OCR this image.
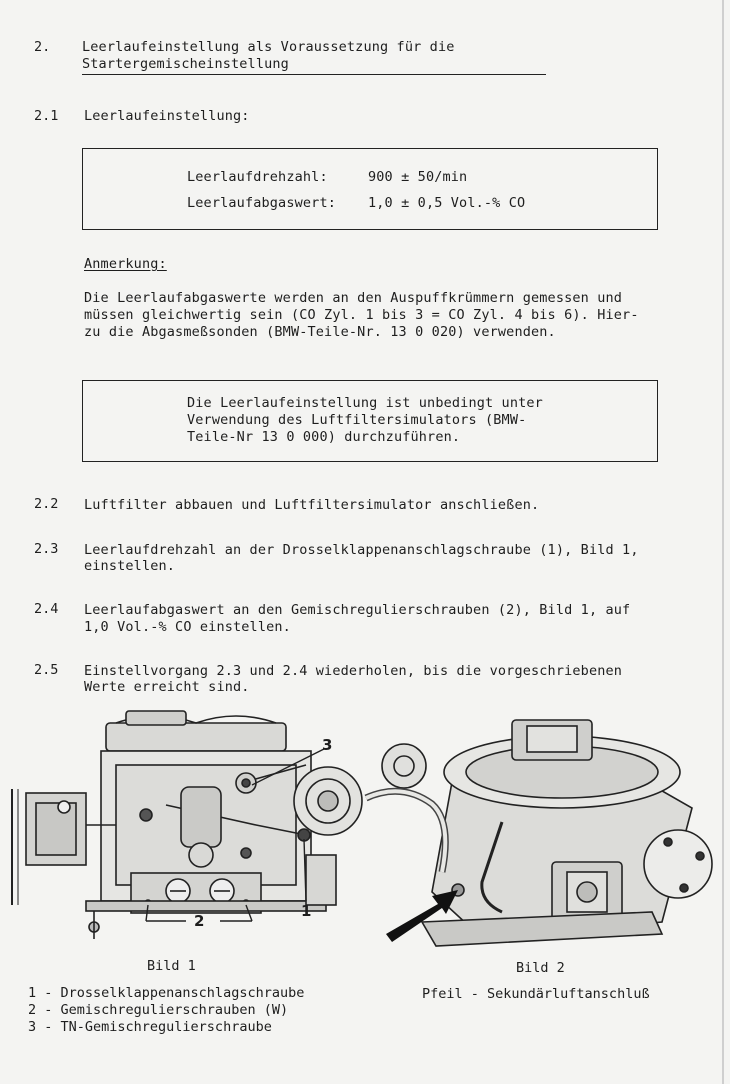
2. Leerlaufeinstellung als Voraussetzung für die
Startergemischeinstellung
2.1 Leerlaufeinstellung:
Leerlaufdrehzahl:	900 ± 50/min
Leerlaufabgaswert: 1,0 ± 0,5 Vol.-% CO
Anmerkung:
Die Leerlaufabgaswerte werden an den Auspuffkrümmern gemessen und
müssen gleichwertig sein (CO Zyl. 1 bis 3 = CO Zyl. 4 bis 6). Hier-
zu die Abgasmeßsonden (BMW-Teile-Nr. 13 0 020) verwenden.
Die Leerlaufeinstellung ist unbedingt unter
Verwendung des Luftfiltersimulators (BMW-
Teile-Nr 13 0 000) durchzuführen.
2.2 Luftfilter abbauen und Luftfiltersimulator anschließen.
2.3 Leerlaufdrehzahl an der Drosselklappenanschlagschraube (1), Bild 1,
einstellen.
2.4 Leerlaufabgaswert an den Gemischregulierschrauben (2), Bild 1, auf
1,0 Vol.-% CO einstellen.
2.5 Einstellvorgang 2.3 und 2.4 wiederholen, bis die vorgeschriebenen
Werte erreicht sind.
3
1
2
Bild 1
1 - Drosselklappenanschlagschraube
2 - Gemischregulierschrauben (W)
3 - TN-Gemischregulierschraube
Bild 2
Pfeil - Sekundärluftanschluß
